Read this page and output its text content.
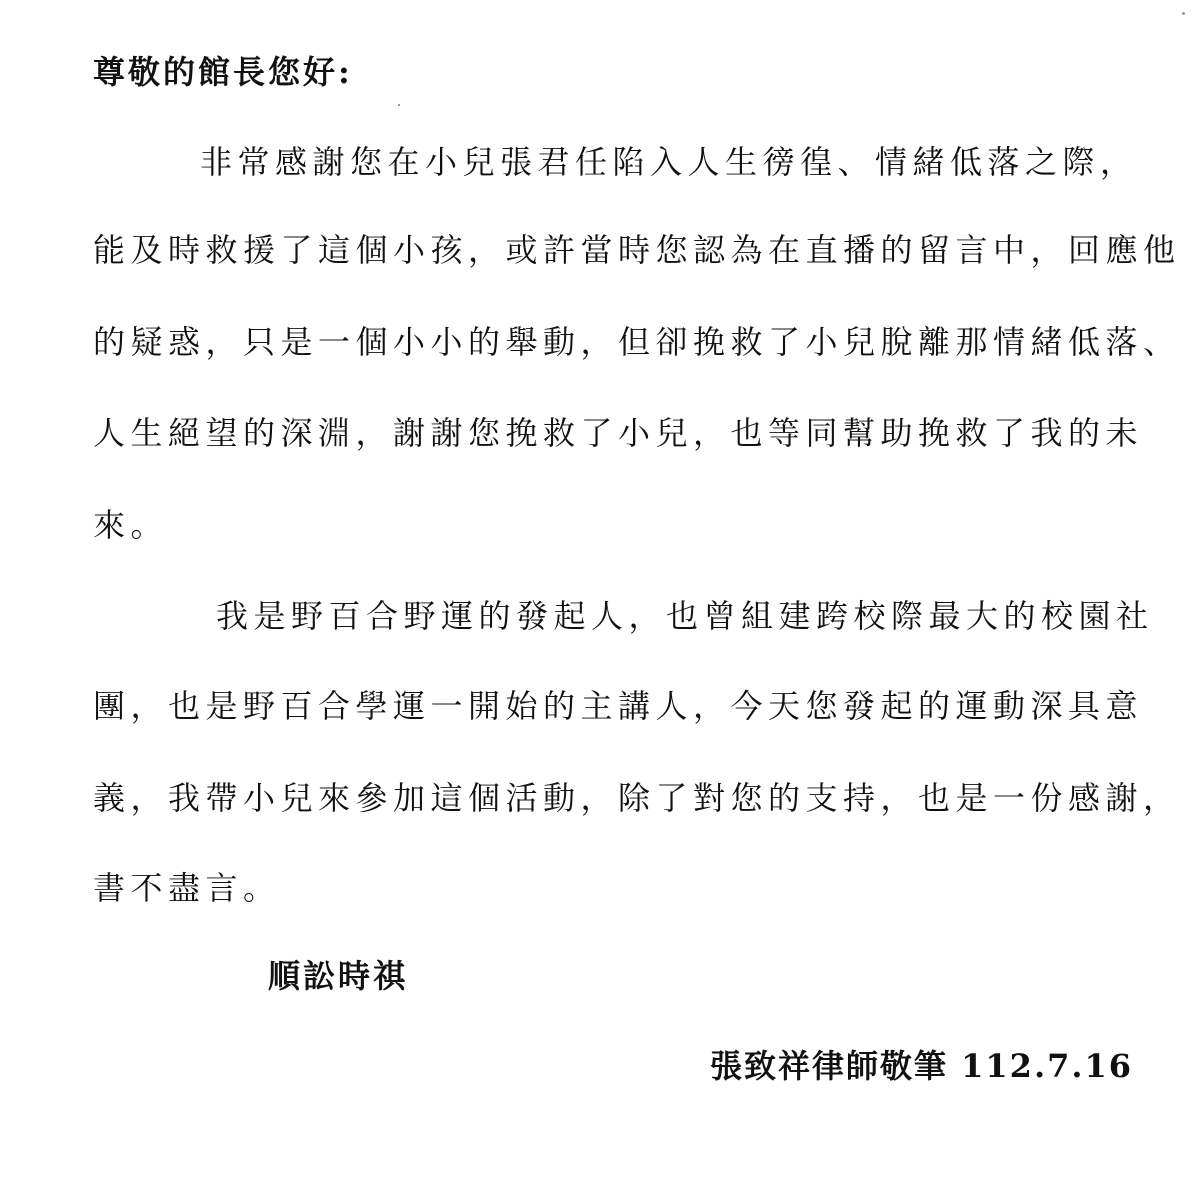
尊敬的館長您好:
非常感謝您在小兒張君任陷入人生徬徨、情緒低落之際，
能及時救援了這個小孩，或許當時您認為在直播的留言中，回應他
的疑惑，只是一個小小的舉動，但卻挽救了小兒脫離那情緒低落、
人生絕望的深淵，謝謝您挽救了小兒，也等同幫助挽救了我的未
來。
我是野百合野運的發起人，也曾組建跨校際最大的校園社
團，也是野百合學運一開始的主講人，今天您發起的運動深具意
義，我帶小兒來參加這個活動，除了對您的支持，也是一份感謝，
書不盡言。
順訟時祺
張致祥律師敬筆 112.7.16
